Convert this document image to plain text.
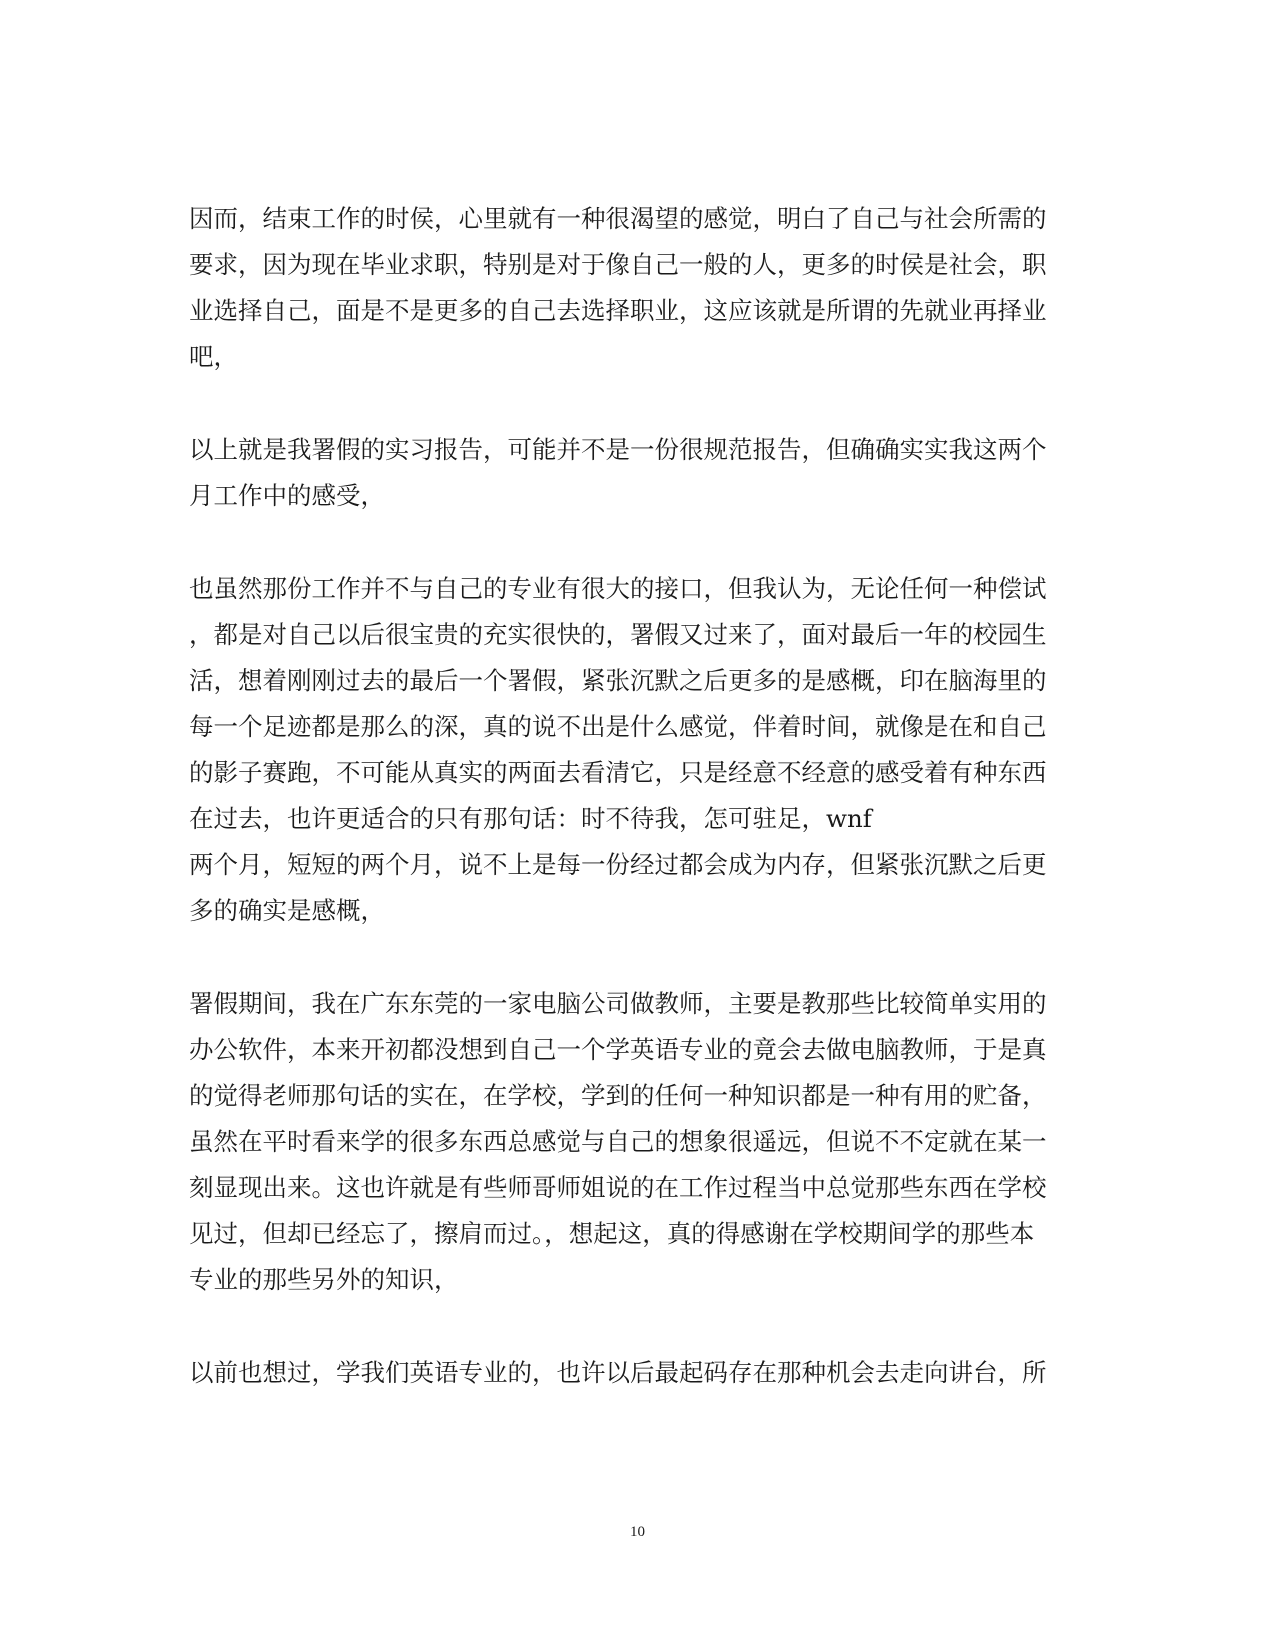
因而，结束工作的时侯，心里就有一种很渴望的感觉，明白了自己与社会所需的
要求，因为现在毕业求职，特别是对于像自己一般的人，更多的时侯是社会，职
业选择自己，面是不是更多的自己去选择职业，这应该就是所谓的先就业再择业
吧，
以上就是我署假的实习报告，可能并不是一份很规范报告，但确确实实我这两个
月工作中的感受，
也虽然那份工作并不与自己的专业有很大的接口，但我认为，无论任何一种偿试
，都是对自己以后很宝贵的充实很快的，署假又过来了，面对最后一年的校园生
活，想着刚刚过去的最后一个署假，紧张沉默之后更多的是感概，印在脑海里的
每一个足迹都是那么的深，真的说不出是什么感觉，伴着时间，就像是在和自己
的影子赛跑，不可能从真实的两面去看清它，只是经意不经意的感受着有种东西
在过去，也许更适合的只有那句话：时不待我，怎可驻足，wnf
两个月，短短的两个月，说不上是每一份经过都会成为内存，但紧张沉默之后更
多的确实是感概，
署假期间，我在广东东莞的一家电脑公司做教师，主要是教那些比较简单实用的
办公软件，本来开初都没想到自己一个学英语专业的竟会去做电脑教师，于是真
的觉得老师那句话的实在，在学校，学到的任何一种知识都是一种有用的贮备，
虽然在平时看来学的很多东西总感觉与自己的想象很遥远，但说不不定就在某一
刻显现出来。这也许就是有些师哥师姐说的在工作过程当中总觉那些东西在学校
见过，但却已经忘了，擦肩而过。，想起这，真的得感谢在学校期间学的那些本
专业的那些另外的知识，
以前也想过，学我们英语专业的，也许以后最起码存在那种机会去走向讲台，所
10
